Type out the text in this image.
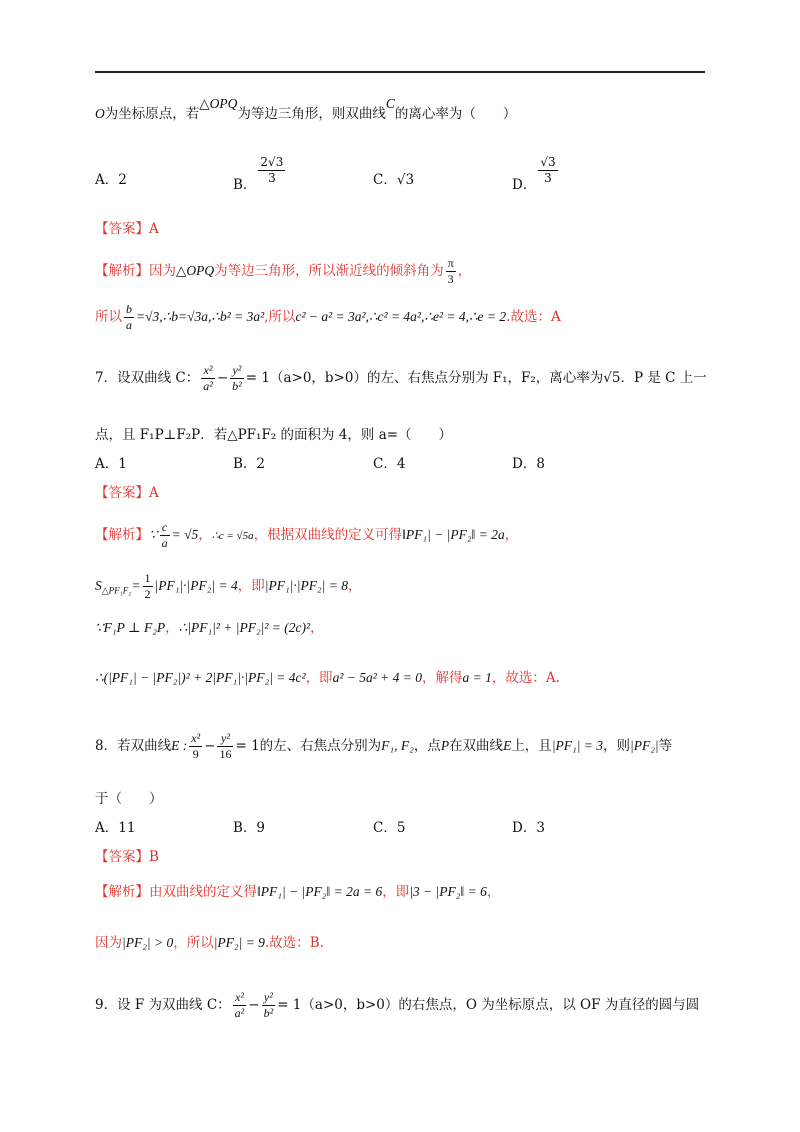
O为坐标原点，若△OPQ为等边三角形，则双曲线C的离心率为（　　）
A．2	B． $\frac{2√3}{3}$	C．√3	D． $\frac{√3}{3}$
【答案】A
【解析】因为△OPQ为等边三角形，所以渐近线的倾斜角为 $\frac{\pi}{3}$ ，
所以 $\frac{b}{a}$ =√3,∴b=√3a,∴b² = 3a²,所以c² − a² = 3a²,∴c² = 4a²,∴e² = 4,∴e = 2.故选：A
7．设双曲线 C： $\frac{\text{x²}}{\text{a²}} - \frac{\text{y²}}{\text{b²}} = 1(a>0$，b>0）的左、右焦点分别为 F₁，F₂，离心率为√5．P 是 C 上一
点，且 F₁P⊥F₂P．若△PF₁F₂ 的面积为 4，则 a=（　　）
A．1	B．2	C．4	D．8
【答案】A
【解析】∵ $\frac{c}{a} = √5$，∴c = √5a，根据双曲线的定义可得‖PF₁| − |PF₂‖ = 2a，
$S_{\triangle PF_1F_2}= \frac{1}{2} |PF_1|\cdot|PF_2| = 4$，即|PF₁|·|PF₂| = 8，
∵F₁P ⊥ F₂P，∴|PF₁|² + |PF₂|² = (2c)²，
∴(|PF₁| − |PF₂|)² + 2|PF₁|·|PF₂| = 4c²，即a² − 5a² + 4 = 0，解得a = 1，故选：A.
8．若双曲线E : $\frac{\text{x²}}{9} - \frac{\text{y²}}{16} = 1$的左、右焦点分别为F₁, F₂，点P在双曲线E上，且|PF₁| = 3，则|PF₂|等
于（　　）
A．11	B．9	C．5	D．3
【答案】B
【解析】由双曲线的定义得‖PF₁| − |PF₂‖ = 2a = 6，即|3 − |PF₂‖ = 6，
因为|PF₂| > 0，所以|PF₂| = 9.故选：B.
9．设 F 为双曲线 C： $\frac{\text{x²}}{\text{a²}} - \frac{\text{y²}}{\text{b²}} = 1(a>0$，b>0）的右焦点，O 为坐标原点，以 OF 为直径的圆与圆
